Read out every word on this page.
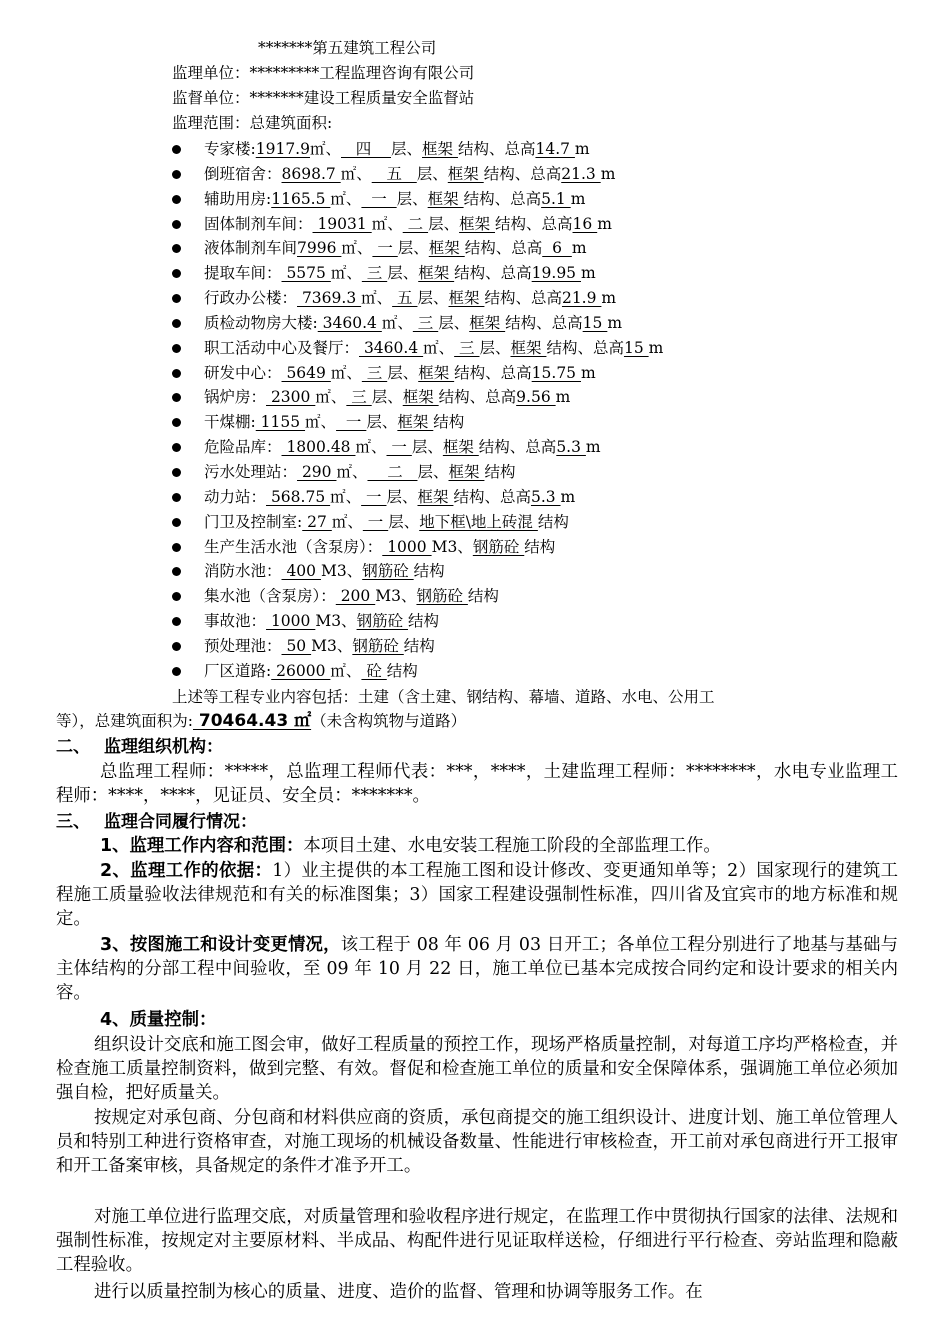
*******第五建筑工程公司
监理单位：*********工程监理咨询有限公司
监督单位：*******建设工程质量安全监督站
监理范围：总建筑面积:
专家楼:1917.9㎡、   四    层、框架 结构、总高14.7 m
倒班宿舍：8698.7 ㎡、   五   层、框架 结构、总高21.3 m
辅助用房:1165.5 ㎡、  一  层、框架 结构、总高5.1 m
固体制剂车间： 19031 ㎡、 二 层、框架 结构、总高16 m
液体制剂车间7996 ㎡、 一 层、框架 结构、总高  6  m
提取车间： 5575 ㎡、 三 层、框架 结构、总高19.95 m
行政办公楼： 7369.3 ㎡、 五 层、框架 结构、总高21.9 m
质检动物房大楼: 3460.4 ㎡、 三 层、框架 结构、总高15 m
职工活动中心及餐厅： 3460.4 ㎡、 三 层、框架 结构、总高15 m
研发中心： 5649 ㎡、 三 层、框架 结构、总高15.75 m
锅炉房： 2300 ㎡、 三 层、框架 结构、总高9.56 m
干煤棚: 1155 ㎡、  一 层、框架 结构
危险品库： 1800.48 ㎡、 一 层、框架 结构、总高5.3 m
污水处理站： 290 ㎡、    二   层、框架 结构
动力站： 568.75 ㎡、 一 层、框架 结构、总高5.3 m
门卫及控制室: 27 ㎡、 一 层、地下框\地上砖混 结构
生产生活水池（含泵房）： 1000 M3、钢筋砼 结构
消防水池： 400 M3、钢筋砼 结构
集水池（含泵房）： 200 M3、钢筋砼 结构
事故池： 1000 M3、钢筋砼 结构
预处理池： 50 M3、钢筋砼 结构
厂区道路: 26000 ㎡、 砼 结构
上述等工程专业内容包括：土建（含土建、钢结构、幕墙、道路、水电、公用工
等），总建筑面积为: 70464.43 ㎡（未含构筑物与道路）
二、 监理组织机构：
总监理工程师：*****，总监理工程师代表：***，****，土建监理工程师：********，水电专业监理工程师：****，****，见证员、安全员：*******。
三、 监理合同履行情况：
1、监理工作内容和范围：本项目土建、水电安装工程施工阶段的全部监理工作。
2、监理工作的依据：1）业主提供的本工程施工图和设计修改、变更通知单等；2）国家现行的建筑工程施工质量验收法律规范和有关的标准图集；3）国家工程建设强制性标准，四川省及宜宾市的地方标准和规定。
3、按图施工和设计变更情况，该工程于 08 年 06 月 03 日开工；各单位工程分别进行了地基与基础与主体结构的分部工程中间验收，至 09 年 10 月 22 日，施工单位已基本完成按合同约定和设计要求的相关内容。
4、质量控制：
组织设计交底和施工图会审，做好工程质量的预控工作，现场严格质量控制，对每道工序均严格检查，并检查施工质量控制资料，做到完整、有效。督促和检查施工单位的质量和安全保障体系，强调施工单位必须加强自检，把好质量关。
按规定对承包商、分包商和材料供应商的资质，承包商提交的施工组织设计、进度计划、施工单位管理人员和特别工种进行资格审查，对施工现场的机械设备数量、性能进行审核检查，开工前对承包商进行开工报审和开工备案审核，具备规定的条件才准予开工。
对施工单位进行监理交底，对质量管理和验收程序进行规定，在监理工作中贯彻执行国家的法律、法规和强制性标准，按规定对主要原材料、半成品、构配件进行见证取样送检，仔细进行平行检查、旁站监理和隐蔽工程验收。
进行以质量控制为核心的质量、进度、造价的监督、管理和协调等服务工作。在
